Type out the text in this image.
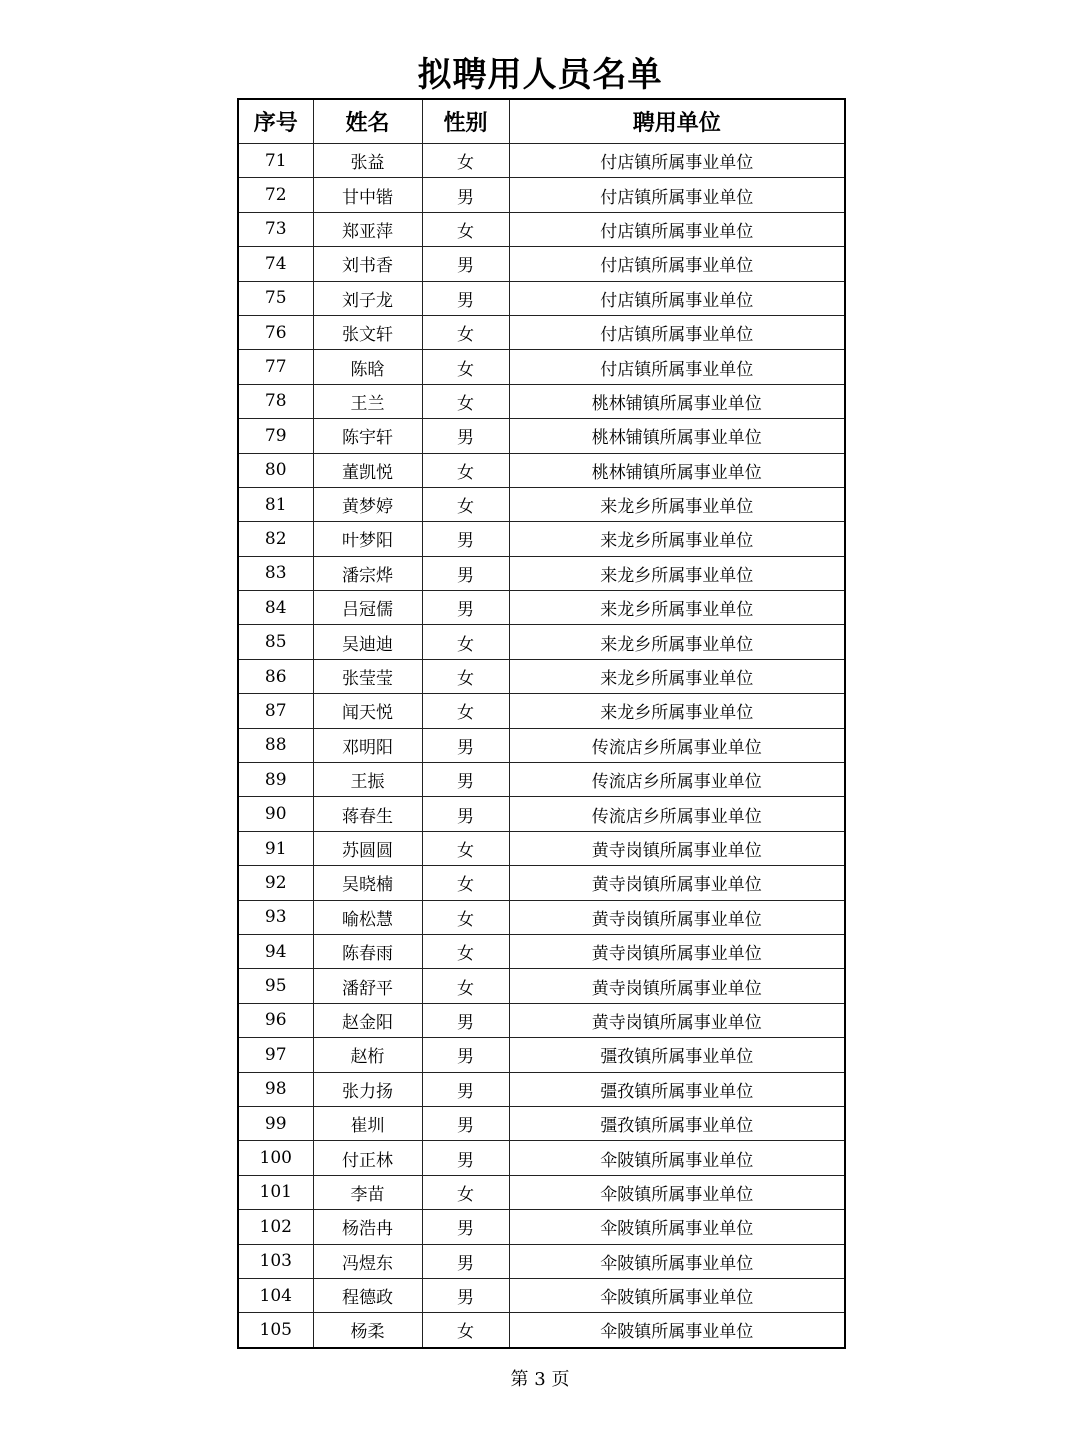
拟聘用人员名单
序号	姓名	性别	聘用单位
71	张益	女	付店镇所属事业单位
72	甘中锴	男	付店镇所属事业单位
73	郑亚萍	女	付店镇所属事业单位
74	刘书香	男	付店镇所属事业单位
75	刘子龙	男	付店镇所属事业单位
76	张文轩	女	付店镇所属事业单位
77	陈晗	女	付店镇所属事业单位
78	王兰	女	桃林铺镇所属事业单位
79	陈宇轩	男	桃林铺镇所属事业单位
80	董凯悦	女	桃林铺镇所属事业单位
81	黄梦婷	女	来龙乡所属事业单位
82	叶梦阳	男	来龙乡所属事业单位
83	潘宗烨	男	来龙乡所属事业单位
84	吕冠儒	男	来龙乡所属事业单位
85	吴迪迪	女	来龙乡所属事业单位
86	张莹莹	女	来龙乡所属事业单位
87	闻天悦	女	来龙乡所属事业单位
88	邓明阳	男	传流店乡所属事业单位
89	王振	男	传流店乡所属事业单位
90	蒋春生	男	传流店乡所属事业单位
91	苏圆圆	女	黄寺岗镇所属事业单位
92	吴晓楠	女	黄寺岗镇所属事业单位
93	喻松慧	女	黄寺岗镇所属事业单位
94	陈春雨	女	黄寺岗镇所属事业单位
95	潘舒平	女	黄寺岗镇所属事业单位
96	赵金阳	男	黄寺岗镇所属事业单位
97	赵桁	男	彊孜镇所属事业单位
98	张力扬	男	彊孜镇所属事业单位
99	崔圳	男	彊孜镇所属事业单位
100	付正林	男	伞陂镇所属事业单位
101	李苗	女	伞陂镇所属事业单位
102	杨浩冉	男	伞陂镇所属事业单位
103	冯煜东	男	伞陂镇所属事业单位
104	程德政	男	伞陂镇所属事业单位
105	杨柔	女	伞陂镇所属事业单位
第 3 页
